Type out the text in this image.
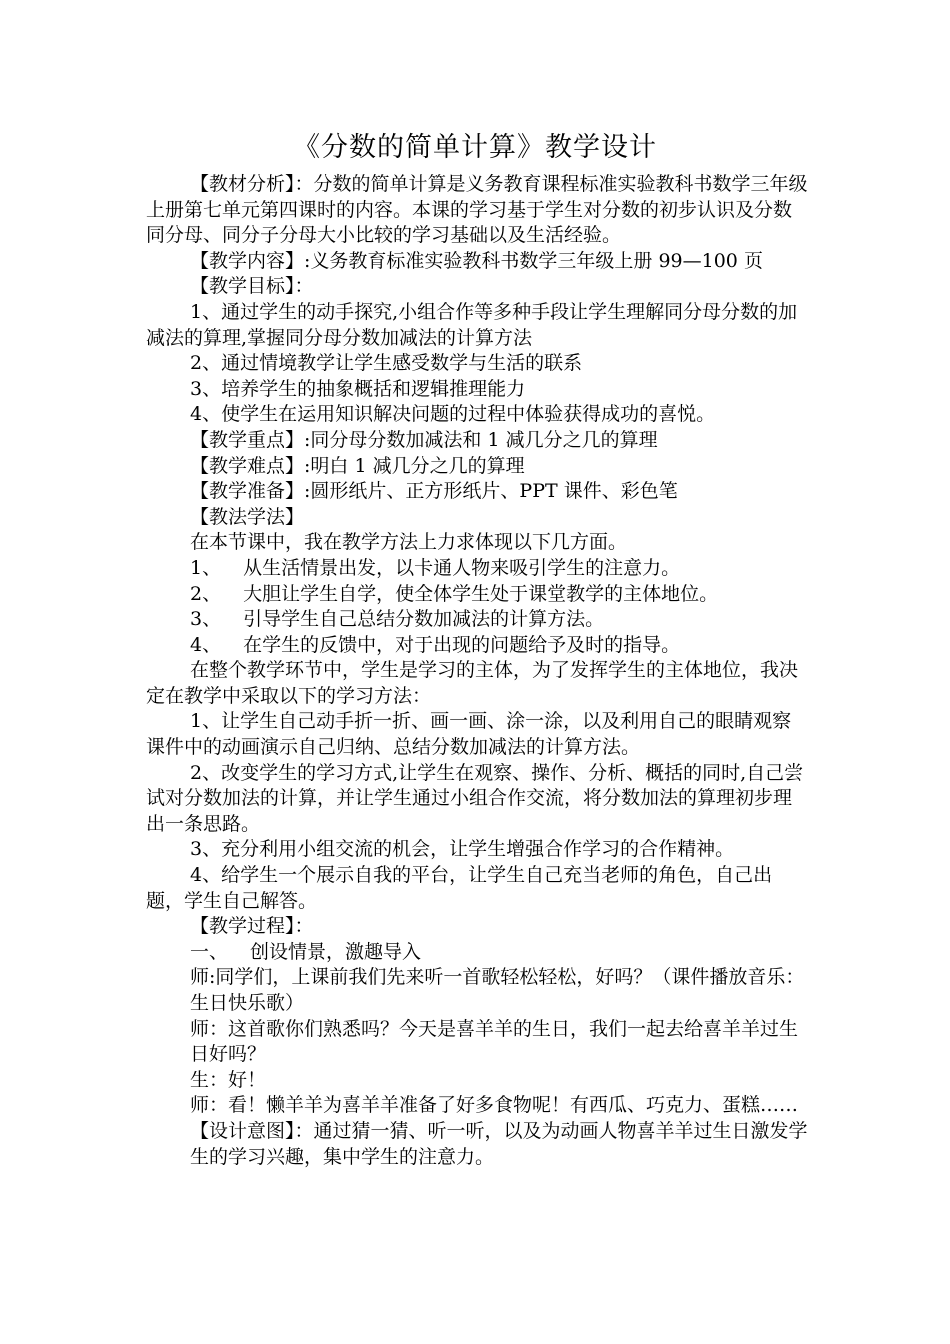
《分数的简单计算》教学设计

【教材分析】：分数的简单计算是义务教育课程标准实验教科书数学三年级上册第七单元第四课时的内容。本课的学习基于学生对分数的初步认识及分数同分母、同分子分母大小比较的学习基础以及生活经验。

【教学内容】:义务教育标准实验教科书数学三年级上册 99—100 页

【教学目标】：

1、通过学生的动手探究,小组合作等多种手段让学生理解同分母分数的加减法的算理,掌握同分母分数加减法的计算方法

2、通过情境教学让学生感受数学与生活的联系

3、培养学生的抽象概括和逻辑推理能力

4、使学生在运用知识解决问题的过程中体验获得成功的喜悦。

【教学重点】:同分母分数加减法和 1 减几分之几的算理

【教学难点】:明白 1 减几分之几的算理

【教学准备】:圆形纸片、正方形纸片、PPT 课件、彩色笔

【教法学法】

在本节课中，我在教学方法上力求体现以下几方面。

1、 从生活情景出发，以卡通人物来吸引学生的注意力。

2、 大胆让学生自学，使全体学生处于课堂教学的主体地位。

3、 引导学生自己总结分数加减法的计算方法。

4、 在学生的反馈中，对于出现的问题给予及时的指导。

在整个教学环节中，学生是学习的主体，为了发挥学生的主体地位，我决定在教学中采取以下的学习方法：

1、让学生自己动手折一折、画一画、涂一涂，以及利用自己的眼睛观察课件中的动画演示自己归纳、总结分数加减法的计算方法。

2、改变学生的学习方式,让学生在观察、操作、分析、概括的同时,自己尝试对分数加法的计算，并让学生通过小组合作交流，将分数加法的算理初步理出一条思路。

3、充分利用小组交流的机会，让学生增强合作学习的合作精神。

4、给学生一个展示自我的平台，让学生自己充当老师的角色，自己出题，学生自己解答。

【教学过程】：

一、 创设情景，激趣导入

师:同学们，上课前我们先来听一首歌轻松轻松，好吗？（课件播放音乐：生日快乐歌）

师：这首歌你们熟悉吗？今天是喜羊羊的生日，我们一起去给喜羊羊过生日好吗？

生：好！

师：看！懒羊羊为喜羊羊准备了好多食物呢！有西瓜、巧克力、蛋糕……

【设计意图】：通过猜一猜、听一听，以及为动画人物喜羊羊过生日激发学生的学习兴趣，集中学生的注意力。
